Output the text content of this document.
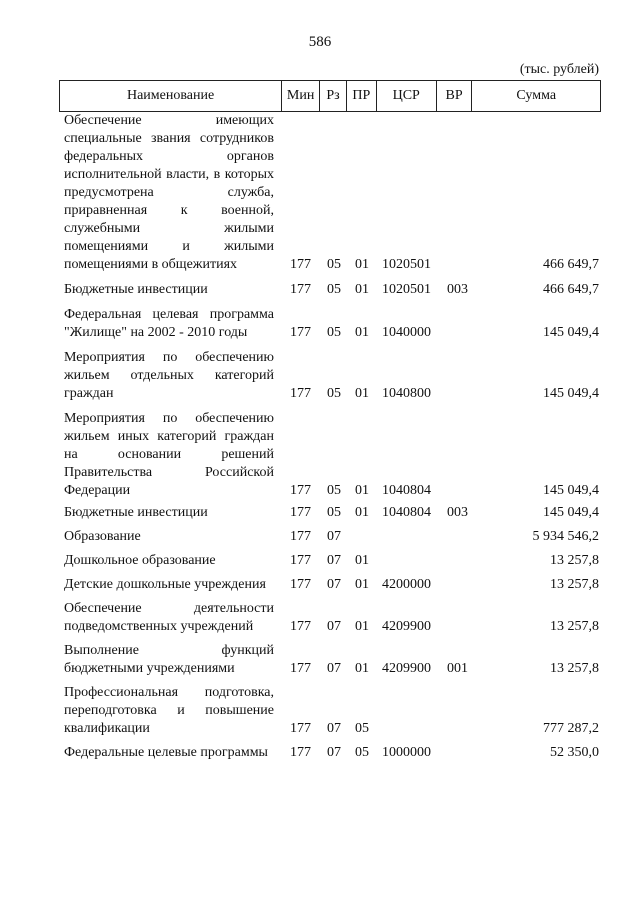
586
(тыс. рублей)
Наименование	Мин Рз ПР	ЦСР	ВР	Сумма
Обеспечение имеющих специальные звания сотрудников федеральных органов исполнительной власти, в которых предусмотрена служба, приравненная к военной, служебными жилыми помещениями и жилыми помещениями в общежитиях	177 05 01 1020501	466 649,7
Бюджетные инвестиции	177 05 01 1020501 003	466 649,7
Федеральная целевая программа "Жилище" на 2002 - 2010 годы	177 05 01 1040000	145 049,4
Мероприятия по обеспечению жильем отдельных категорий граждан	177 05 01 1040800	145 049,4
Мероприятия по обеспечению жильем иных категорий граждан на основании решений Правительства Российской Федерации	177 05 01 1040804	145 049,4
Бюджетные инвестиции	177 05 01 1040804 003	145 049,4
Образование	177 07	5 934 546,2
Дошкольное образование	177 07 01	13 257,8
Детские дошкольные учреждения	177 07 01 4200000	13 257,8
Обеспечение деятельности подведомственных учреждений	177 07 01 4209900	13 257,8
Выполнение функций бюджетными учреждениями	177 07 01 4209900 001	13 257,8
Профессиональная подготовка, переподготовка и повышение квалификации	177 07 05	777 287,2
Федеральные целевые программы	177 07 05 1000000	52 350,0
